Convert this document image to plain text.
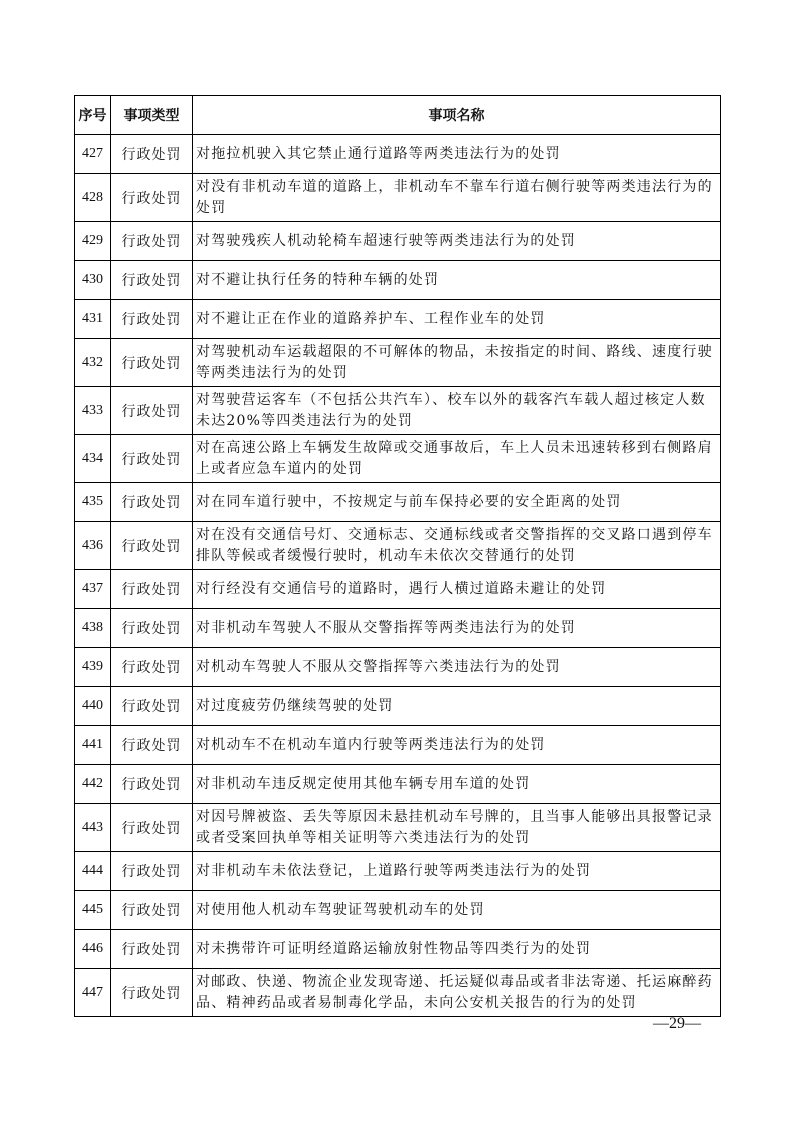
序号	事项类型	事项名称
427	行政处罚	对拖拉机驶入其它禁止通行道路等两类违法行为的处罚
428	行政处罚	对没有非机动车道的道路上，非机动车不靠车行道右侧行驶等两类违法行为的处罚
429	行政处罚	对驾驶残疾人机动轮椅车超速行驶等两类违法行为的处罚
430	行政处罚	对不避让执行任务的特种车辆的处罚
431	行政处罚	对不避让正在作业的道路养护车、工程作业车的处罚
432	行政处罚	对驾驶机动车运载超限的不可解体的物品，未按指定的时间、路线、速度行驶等两类违法行为的处罚
433	行政处罚	对驾驶营运客车（不包括公共汽车）、校车以外的载客汽车载人超过核定人数未达20%等四类违法行为的处罚
434	行政处罚	对在高速公路上车辆发生故障或交通事故后，车上人员未迅速转移到右侧路肩上或者应急车道内的处罚
435	行政处罚	对在同车道行驶中，不按规定与前车保持必要的安全距离的处罚
436	行政处罚	对在没有交通信号灯、交通标志、交通标线或者交警指挥的交叉路口遇到停车排队等候或者缓慢行驶时，机动车未依次交替通行的处罚
437	行政处罚	对行经没有交通信号的道路时，遇行人横过道路未避让的处罚
438	行政处罚	对非机动车驾驶人不服从交警指挥等两类违法行为的处罚
439	行政处罚	对机动车驾驶人不服从交警指挥等六类违法行为的处罚
440	行政处罚	对过度疲劳仍继续驾驶的处罚
441	行政处罚	对机动车不在机动车道内行驶等两类违法行为的处罚
442	行政处罚	对非机动车违反规定使用其他车辆专用车道的处罚
443	行政处罚	对因号牌被盗、丢失等原因未悬挂机动车号牌的，且当事人能够出具报警记录或者受案回执单等相关证明等六类违法行为的处罚
444	行政处罚	对非机动车未依法登记，上道路行驶等两类违法行为的处罚
445	行政处罚	对使用他人机动车驾驶证驾驶机动车的处罚
446	行政处罚	对未携带许可证明经道路运输放射性物品等四类行为的处罚
447	行政处罚	对邮政、快递、物流企业发现寄递、托运疑似毒品或者非法寄递、托运麻醉药品、精神药品或者易制毒化学品，未向公安机关报告的行为的处罚
—29—
